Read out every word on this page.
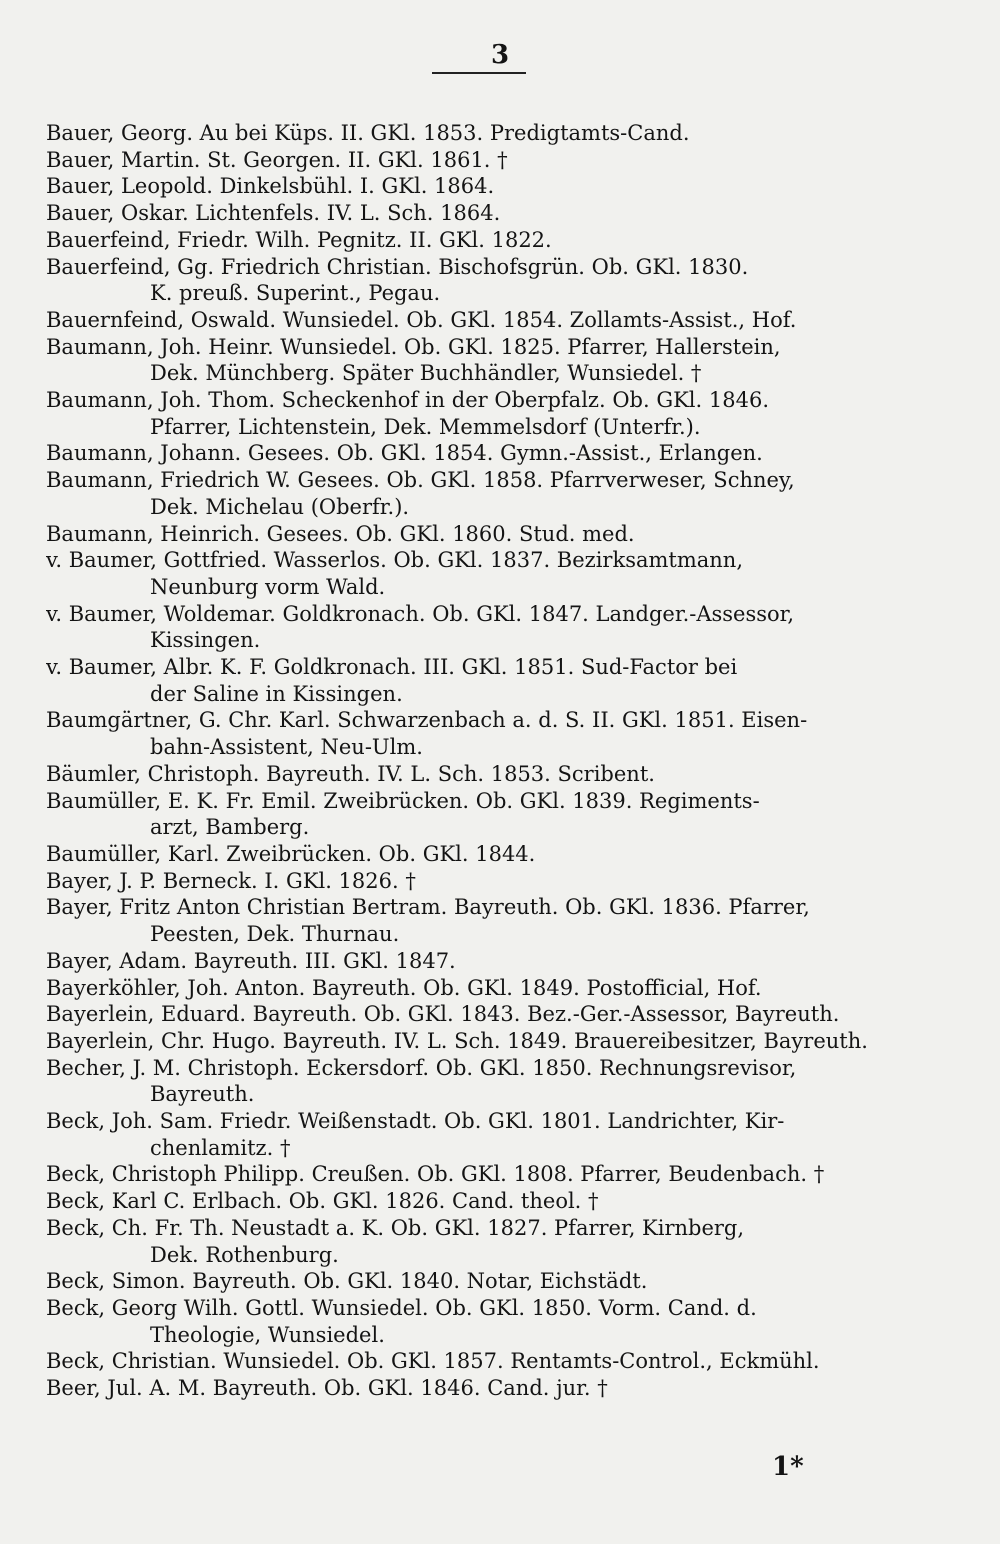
3
Bauer, Georg. Au bei Küps. II. GKl. 1853. Predigtamts-Cand.
Bauer, Martin. St. Georgen. II. GKl. 1861. †
Bauer, Leopold. Dinkelsbühl. I. GKl. 1864.
Bauer, Oskar. Lichtenfels. IV. L. Sch. 1864.
Bauerfeind, Friedr. Wilh. Pegnitz. II. GKl. 1822.
Bauerfeind, Gg. Friedrich Christian. Bischofsgrün. Ob. GKl. 1830.
K. preuß. Superint., Pegau.
Bauernfeind, Oswald. Wunsiedel. Ob. GKl. 1854. Zollamts-Assist., Hof.
Baumann, Joh. Heinr. Wunsiedel. Ob. GKl. 1825. Pfarrer, Hallerstein,
Dek. Münchberg. Später Buchhändler, Wunsiedel. †
Baumann, Joh. Thom. Scheckenhof in der Oberpfalz. Ob. GKl. 1846.
Pfarrer, Lichtenstein, Dek. Memmelsdorf (Unterfr.).
Baumann, Johann. Gesees. Ob. GKl. 1854. Gymn.-Assist., Erlangen.
Baumann, Friedrich W. Gesees. Ob. GKl. 1858. Pfarrverweser, Schney,
Dek. Michelau (Oberfr.).
Baumann, Heinrich. Gesees. Ob. GKl. 1860. Stud. med.
v. Baumer, Gottfried. Wasserlos. Ob. GKl. 1837. Bezirksamtmann,
Neunburg vorm Wald.
v. Baumer, Woldemar. Goldkronach. Ob. GKl. 1847. Landger.-Assessor,
Kissingen.
v. Baumer, Albr. K. F. Goldkronach. III. GKl. 1851. Sud-Factor bei
der Saline in Kissingen.
Baumgärtner, G. Chr. Karl. Schwarzenbach a. d. S. II. GKl. 1851. Eisen-
bahn-Assistent, Neu-Ulm.
Bäumler, Christoph. Bayreuth. IV. L. Sch. 1853. Scribent.
Baumüller, E. K. Fr. Emil. Zweibrücken. Ob. GKl. 1839. Regiments-
arzt, Bamberg.
Baumüller, Karl. Zweibrücken. Ob. GKl. 1844.
Bayer, J. P. Berneck. I. GKl. 1826. †
Bayer, Fritz Anton Christian Bertram. Bayreuth. Ob. GKl. 1836. Pfarrer,
Peesten, Dek. Thurnau.
Bayer, Adam. Bayreuth. III. GKl. 1847.
Bayerköhler, Joh. Anton. Bayreuth. Ob. GKl. 1849. Postofficial, Hof.
Bayerlein, Eduard. Bayreuth. Ob. GKl. 1843. Bez.-Ger.-Assessor, Bayreuth.
Bayerlein, Chr. Hugo. Bayreuth. IV. L. Sch. 1849. Brauereibesitzer, Bayreuth.
Becher, J. M. Christoph. Eckersdorf. Ob. GKl. 1850. Rechnungsrevisor,
Bayreuth.
Beck, Joh. Sam. Friedr. Weißenstadt. Ob. GKl. 1801. Landrichter, Kir-
chenlamitz. †
Beck, Christoph Philipp. Creußen. Ob. GKl. 1808. Pfarrer, Beudenbach. †
Beck, Karl C. Erlbach. Ob. GKl. 1826. Cand. theol. †
Beck, Ch. Fr. Th. Neustadt a. K. Ob. GKl. 1827. Pfarrer, Kirnberg,
Dek. Rothenburg.
Beck, Simon. Bayreuth. Ob. GKl. 1840. Notar, Eichstädt.
Beck, Georg Wilh. Gottl. Wunsiedel. Ob. GKl. 1850. Vorm. Cand. d.
Theologie, Wunsiedel.
Beck, Christian. Wunsiedel. Ob. GKl. 1857. Rentamts-Control., Eckmühl.
Beer, Jul. A. M. Bayreuth. Ob. GKl. 1846. Cand. jur. †
1*
